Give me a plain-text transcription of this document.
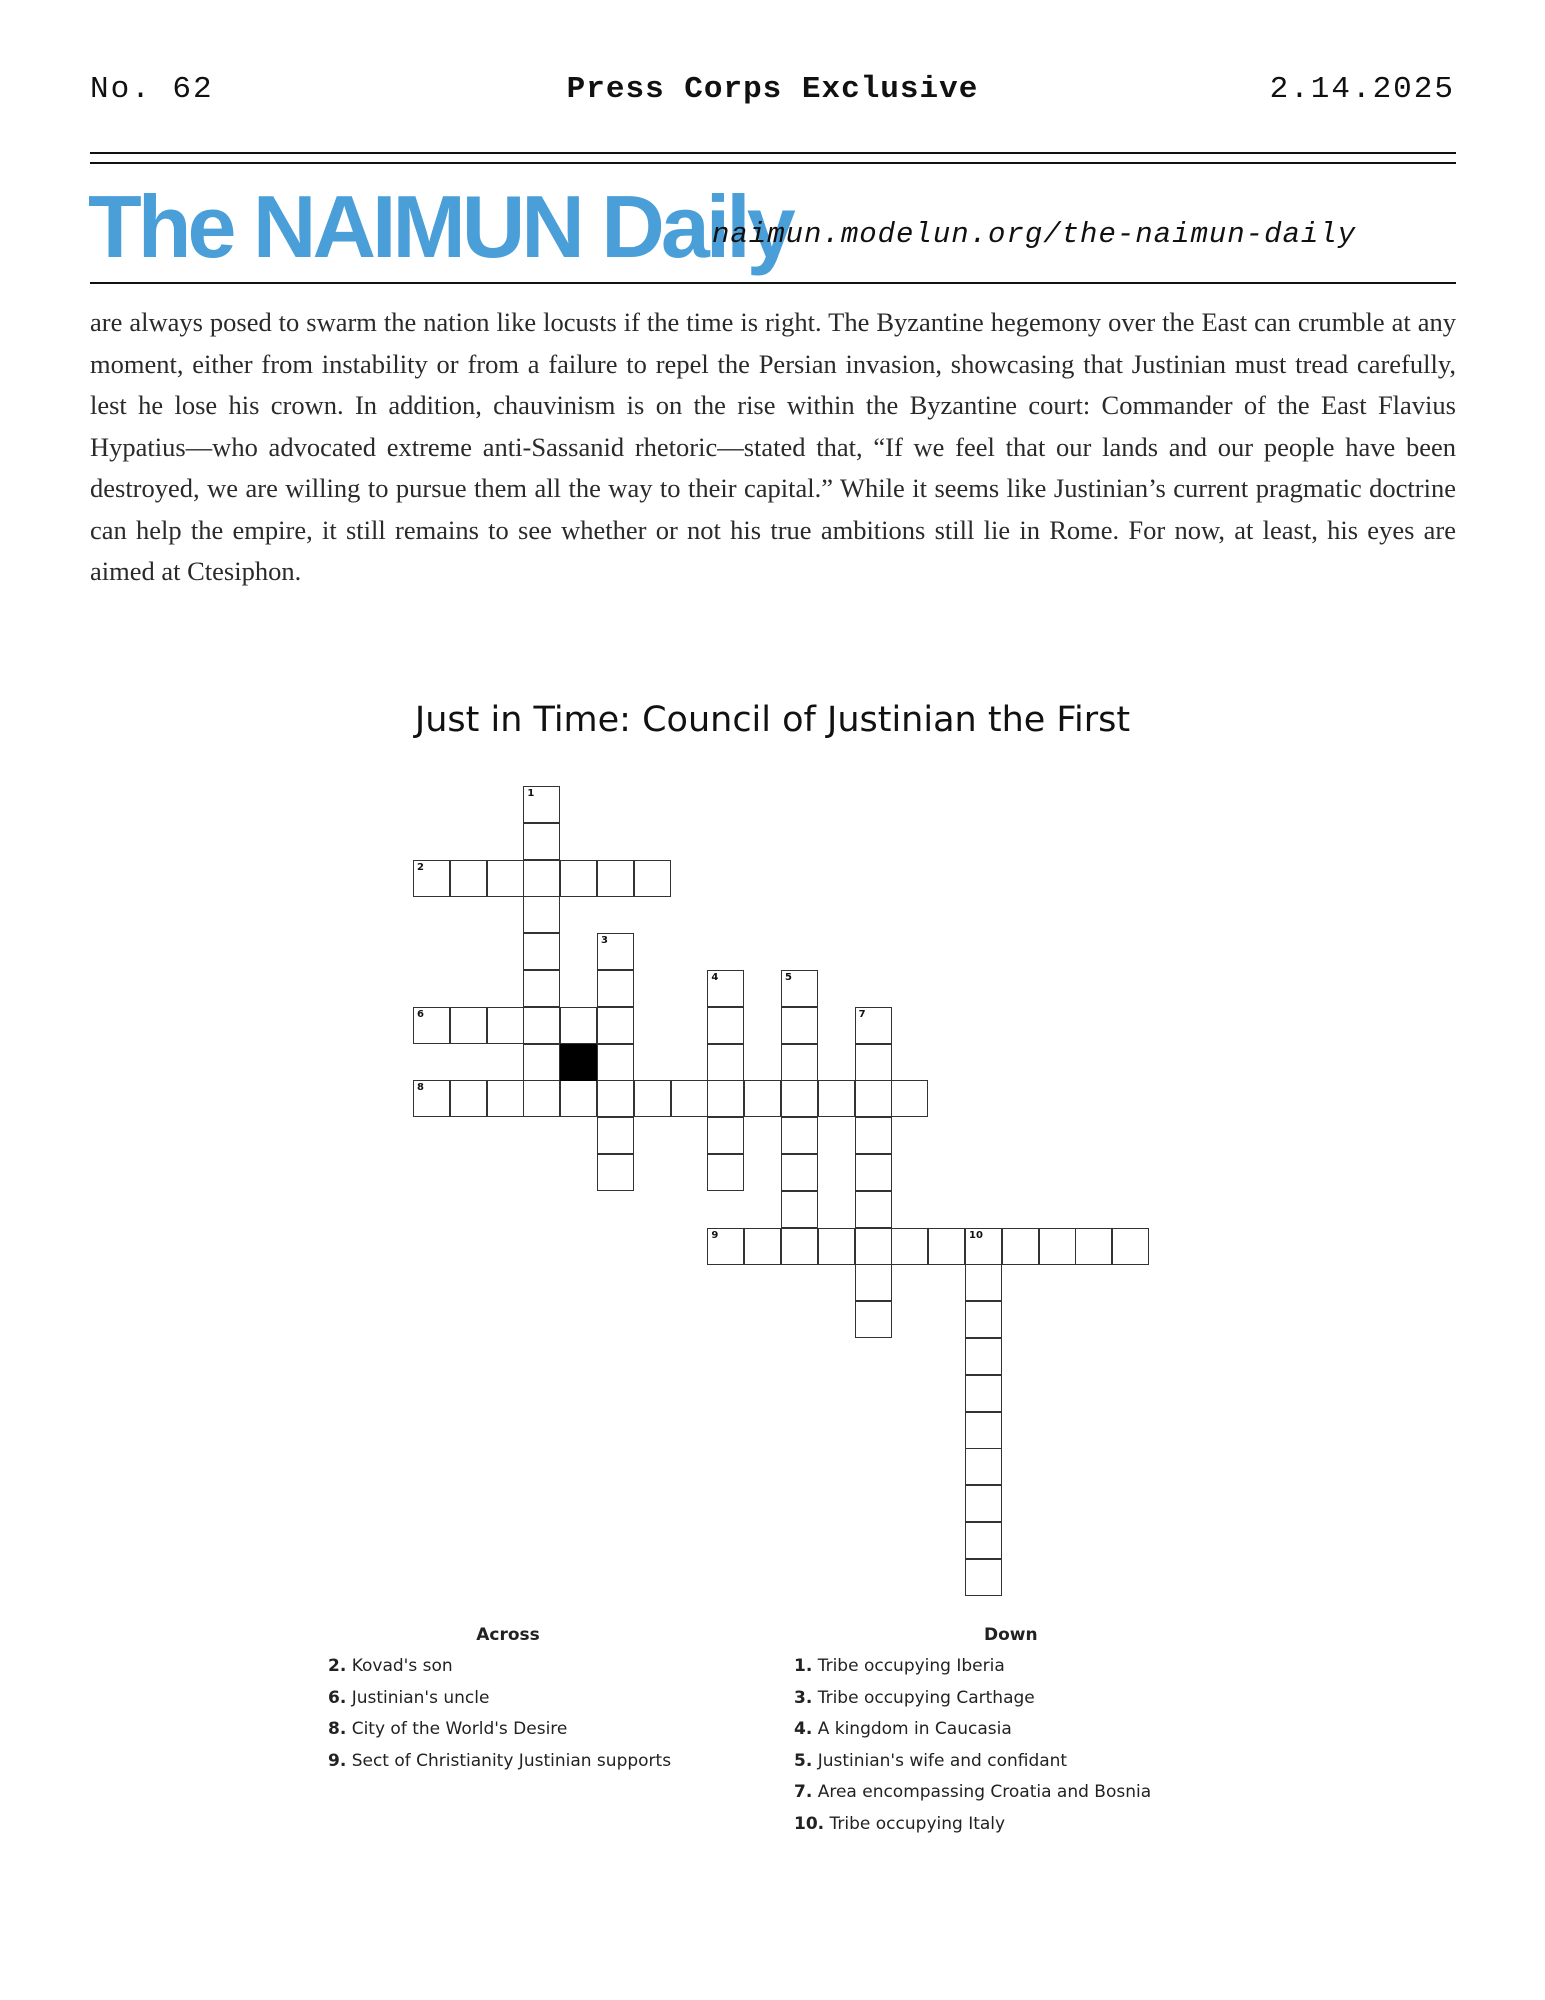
No. 62	Press Corps Exclusive	2.14.2025
The NAIMUN Daily
naimun.modelun.org/the-naimun-daily

are always posed to swarm the nation like locusts if the time is right. The Byzantine hegemony over the East can crumble at any moment, either from instability or from a failure to repel the Persian invasion, showcasing that Justinian must tread carefully, lest he lose his crown. In addition, chauvinism is on the rise within the Byzantine court: Commander of the East Flavius Hypatius—who advocated extreme anti-Sassanid rhetoric—stated that, “If we feel that our lands and our people have been destroyed, we are willing to pursue them all the way to their capital.” While it seems like Justinian’s current pragmatic doctrine can help the empire, it still remains to see whether or not his true ambitions still lie in Rome. For now, at least, his eyes are aimed at Ctesiphon.

Just in Time: Council of Justinian the First
1
2
3
4	5
6	7
8
9	10
Across
2. Kovad's son
6. Justinian's uncle
8. City of the World's Desire
9. Sect of Christianity Justinian supports
Down
1. Tribe occupying Iberia
3. Tribe occupying Carthage
4. A kingdom in Caucasia
5. Justinian's wife and confidant
7. Area encompassing Croatia and Bosnia
10. Tribe occupying Italy
